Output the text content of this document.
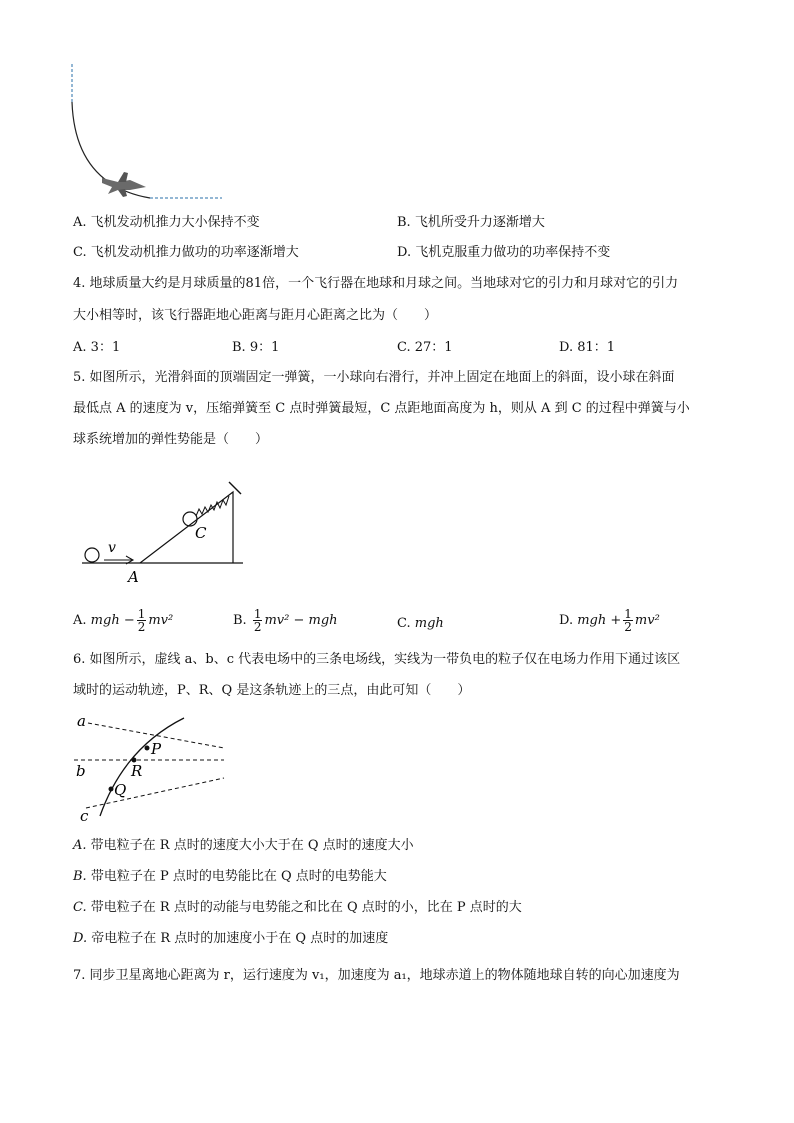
A. 飞机发动机推力大小保持不变	B. 飞机所受升力逐渐增大
C. 飞机发动机推力做功的功率逐渐增大	D. 飞机克服重力做功的功率保持不变
4. 地球质量大约是月球质量的81倍，一个飞行器在地球和月球之间。当地球对它的引力和月球对它的引力
大小相等时，该飞行器距地心距离与距月心距离之比为（　　）
A. 3：1	B. 9：1	C. 27：1	D. 81：1
5. 如图所示，光滑斜面的顶端固定一弹簧，一小球向右滑行，并冲上固定在地面上的斜面，设小球在斜面
最低点 A 的速度为 v，压缩弹簧至 C 点时弹簧最短，C 点距地面高度为 h，则从 A 到 C 的过程中弹簧与小
球系统增加的弹性势能是（　　）
v
C
A
A. mgh − $\frac{1}{2} mv^2$	B. $\frac{1}{2} mv^2$ − mgh	C. mgh	D. mgh + $\frac{1}{2} mv^2$
6. 如图所示，虚线 a、b、c 代表电场中的三条电场线，实线为一带负电的粒子仅在电场力作用下通过该区
域时的运动轨迹，P、R、Q 是这条轨迹上的三点，由此可知（　　）
a
b
c
P
R
Q
A. 带电粒子在 R 点时的速度大小大于在 Q 点时的速度大小
B. 带电粒子在 P 点时的电势能比在 Q 点时的电势能大
C. 带电粒子在 R 点时的动能与电势能之和比在 Q 点时的小，比在 P 点时的大
D. 帝电粒子在 R 点时的加速度小于在 Q 点时的加速度
7. 同步卫星离地心距离为 r，运行速度为 v₁，加速度为 a₁，地球赤道上的物体随地球自转的向心加速度为
